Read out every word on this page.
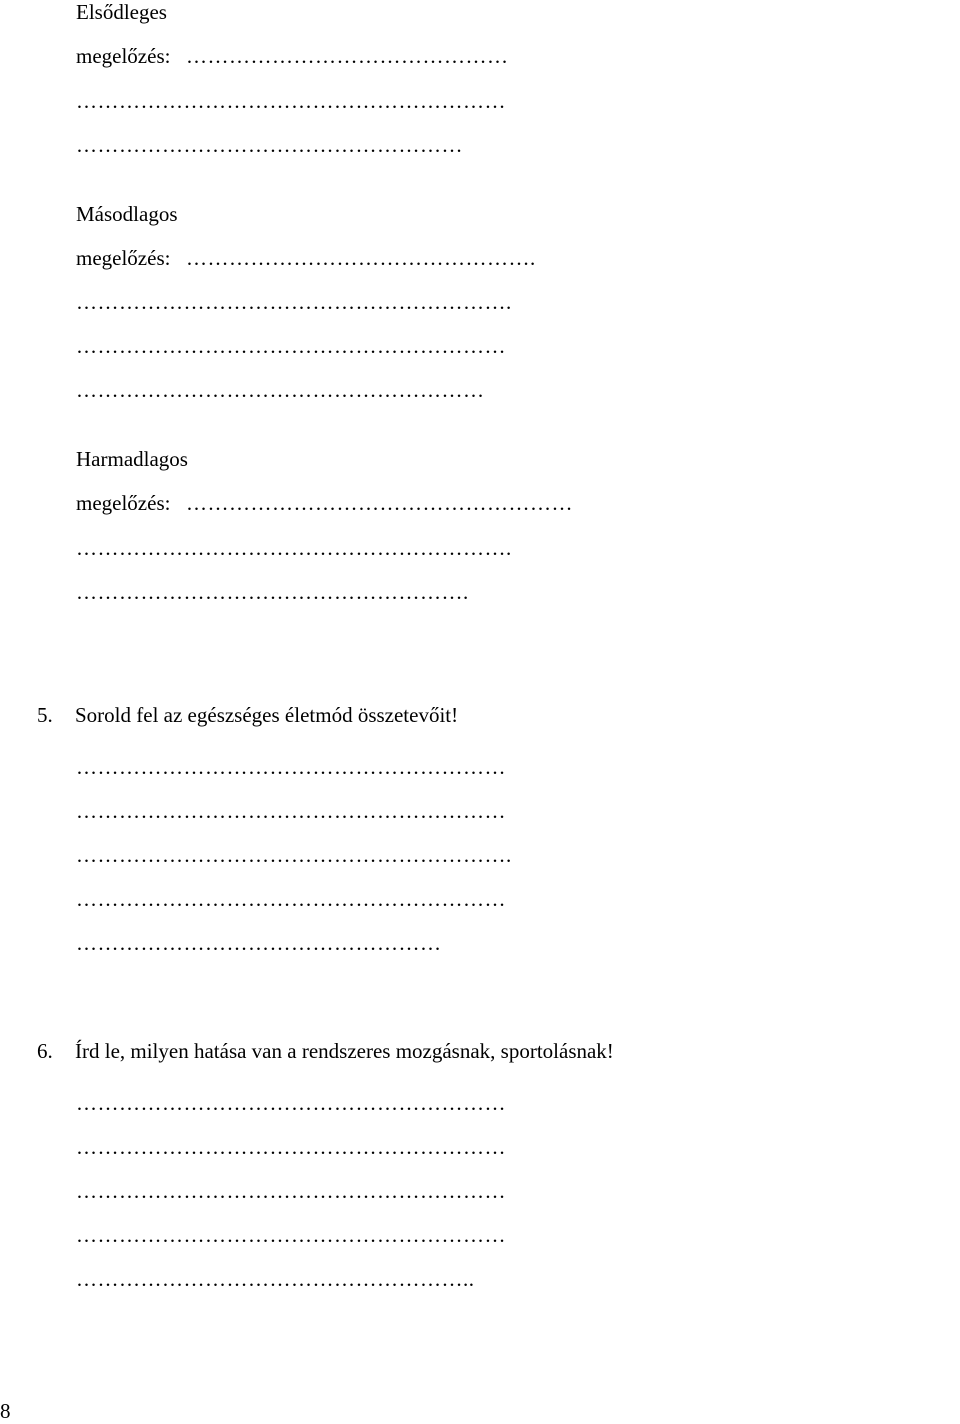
Elsődleges
megelőzés: ………………………………………
……………………………………………………
………………………………………………
Másodlagos
megelőzés: ………………………………………….
…………………………………………………….
……………………………………………………
…………………………………………………
Harmadlagos
megelőzés: ………………………………………………
…………………………………………………….
……………………………………………….
5. Sorold fel az egészséges életmód összetevőit!
……………………………………………………
……………………………………………………
…………………………………………………….
……………………………………………………
……………………………………………
6. Írd le, milyen hatása van a rendszeres mozgásnak, sportolásnak!
……………………………………………………
……………………………………………………
……………………………………………………
……………………………………………………
………………………………………………..
8
